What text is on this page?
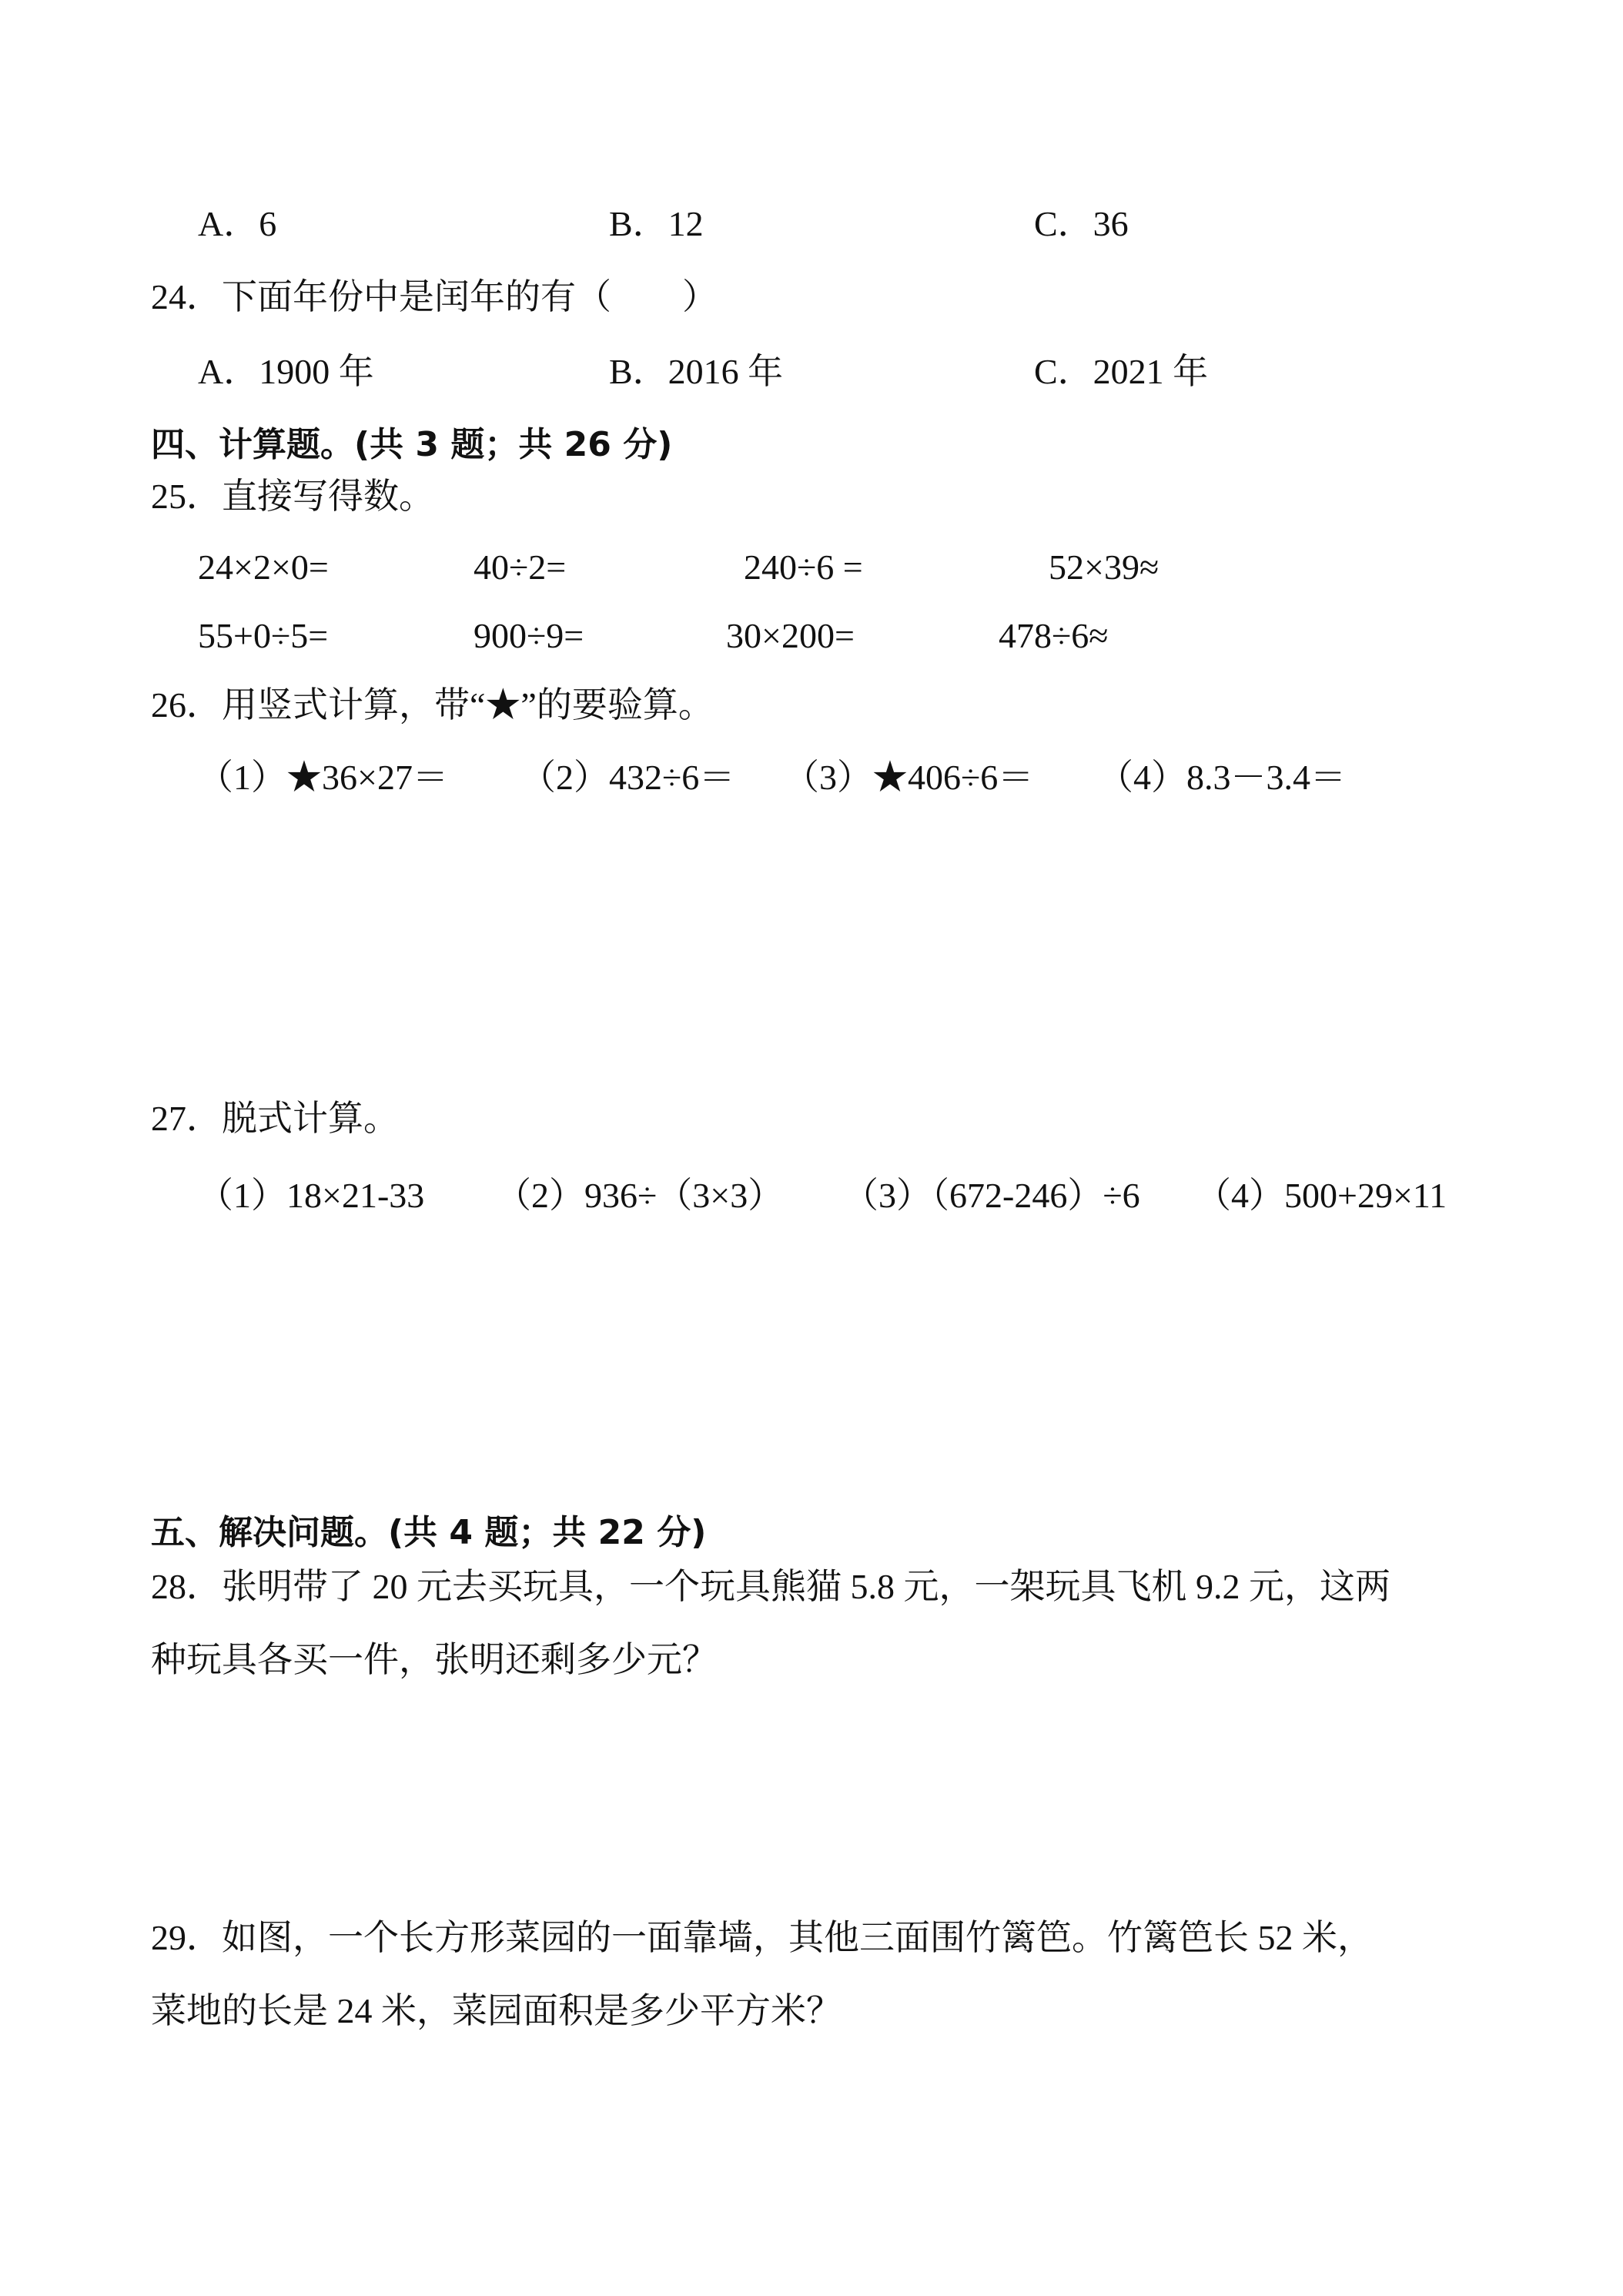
A．6	B．12	C．36
24．下面年份中是闰年的有（　　）
A．1900 年	B．2016 年	C．2021 年
四、计算题。(共 3 题；共 26 分)
25．直接写得数。
24×2×0=	40÷2=	240÷6 =	52×39≈
55+0÷5=	900÷9=	30×200=	478÷6≈
26．用竖式计算，带“★”的要验算。
（1）★36×27＝ （2）432÷6＝ （3）★406÷6＝ （4）8.3－3.4＝
27．脱式计算。
（1）18×21-33 （2）936÷（3×3） （3）（672-246）÷6 （4）500+29×11
五、解决问题。(共 4 题；共 22 分)
28．张明带了 20 元去买玩具，一个玩具熊猫 5.8 元，一架玩具飞机 9.2 元，这两
种玩具各买一件，张明还剩多少元？
29．如图，一个长方形菜园的一面靠墙，其他三面围竹篱笆。竹篱笆长 52 米，
菜地的长是 24 米，菜园面积是多少平方米？
